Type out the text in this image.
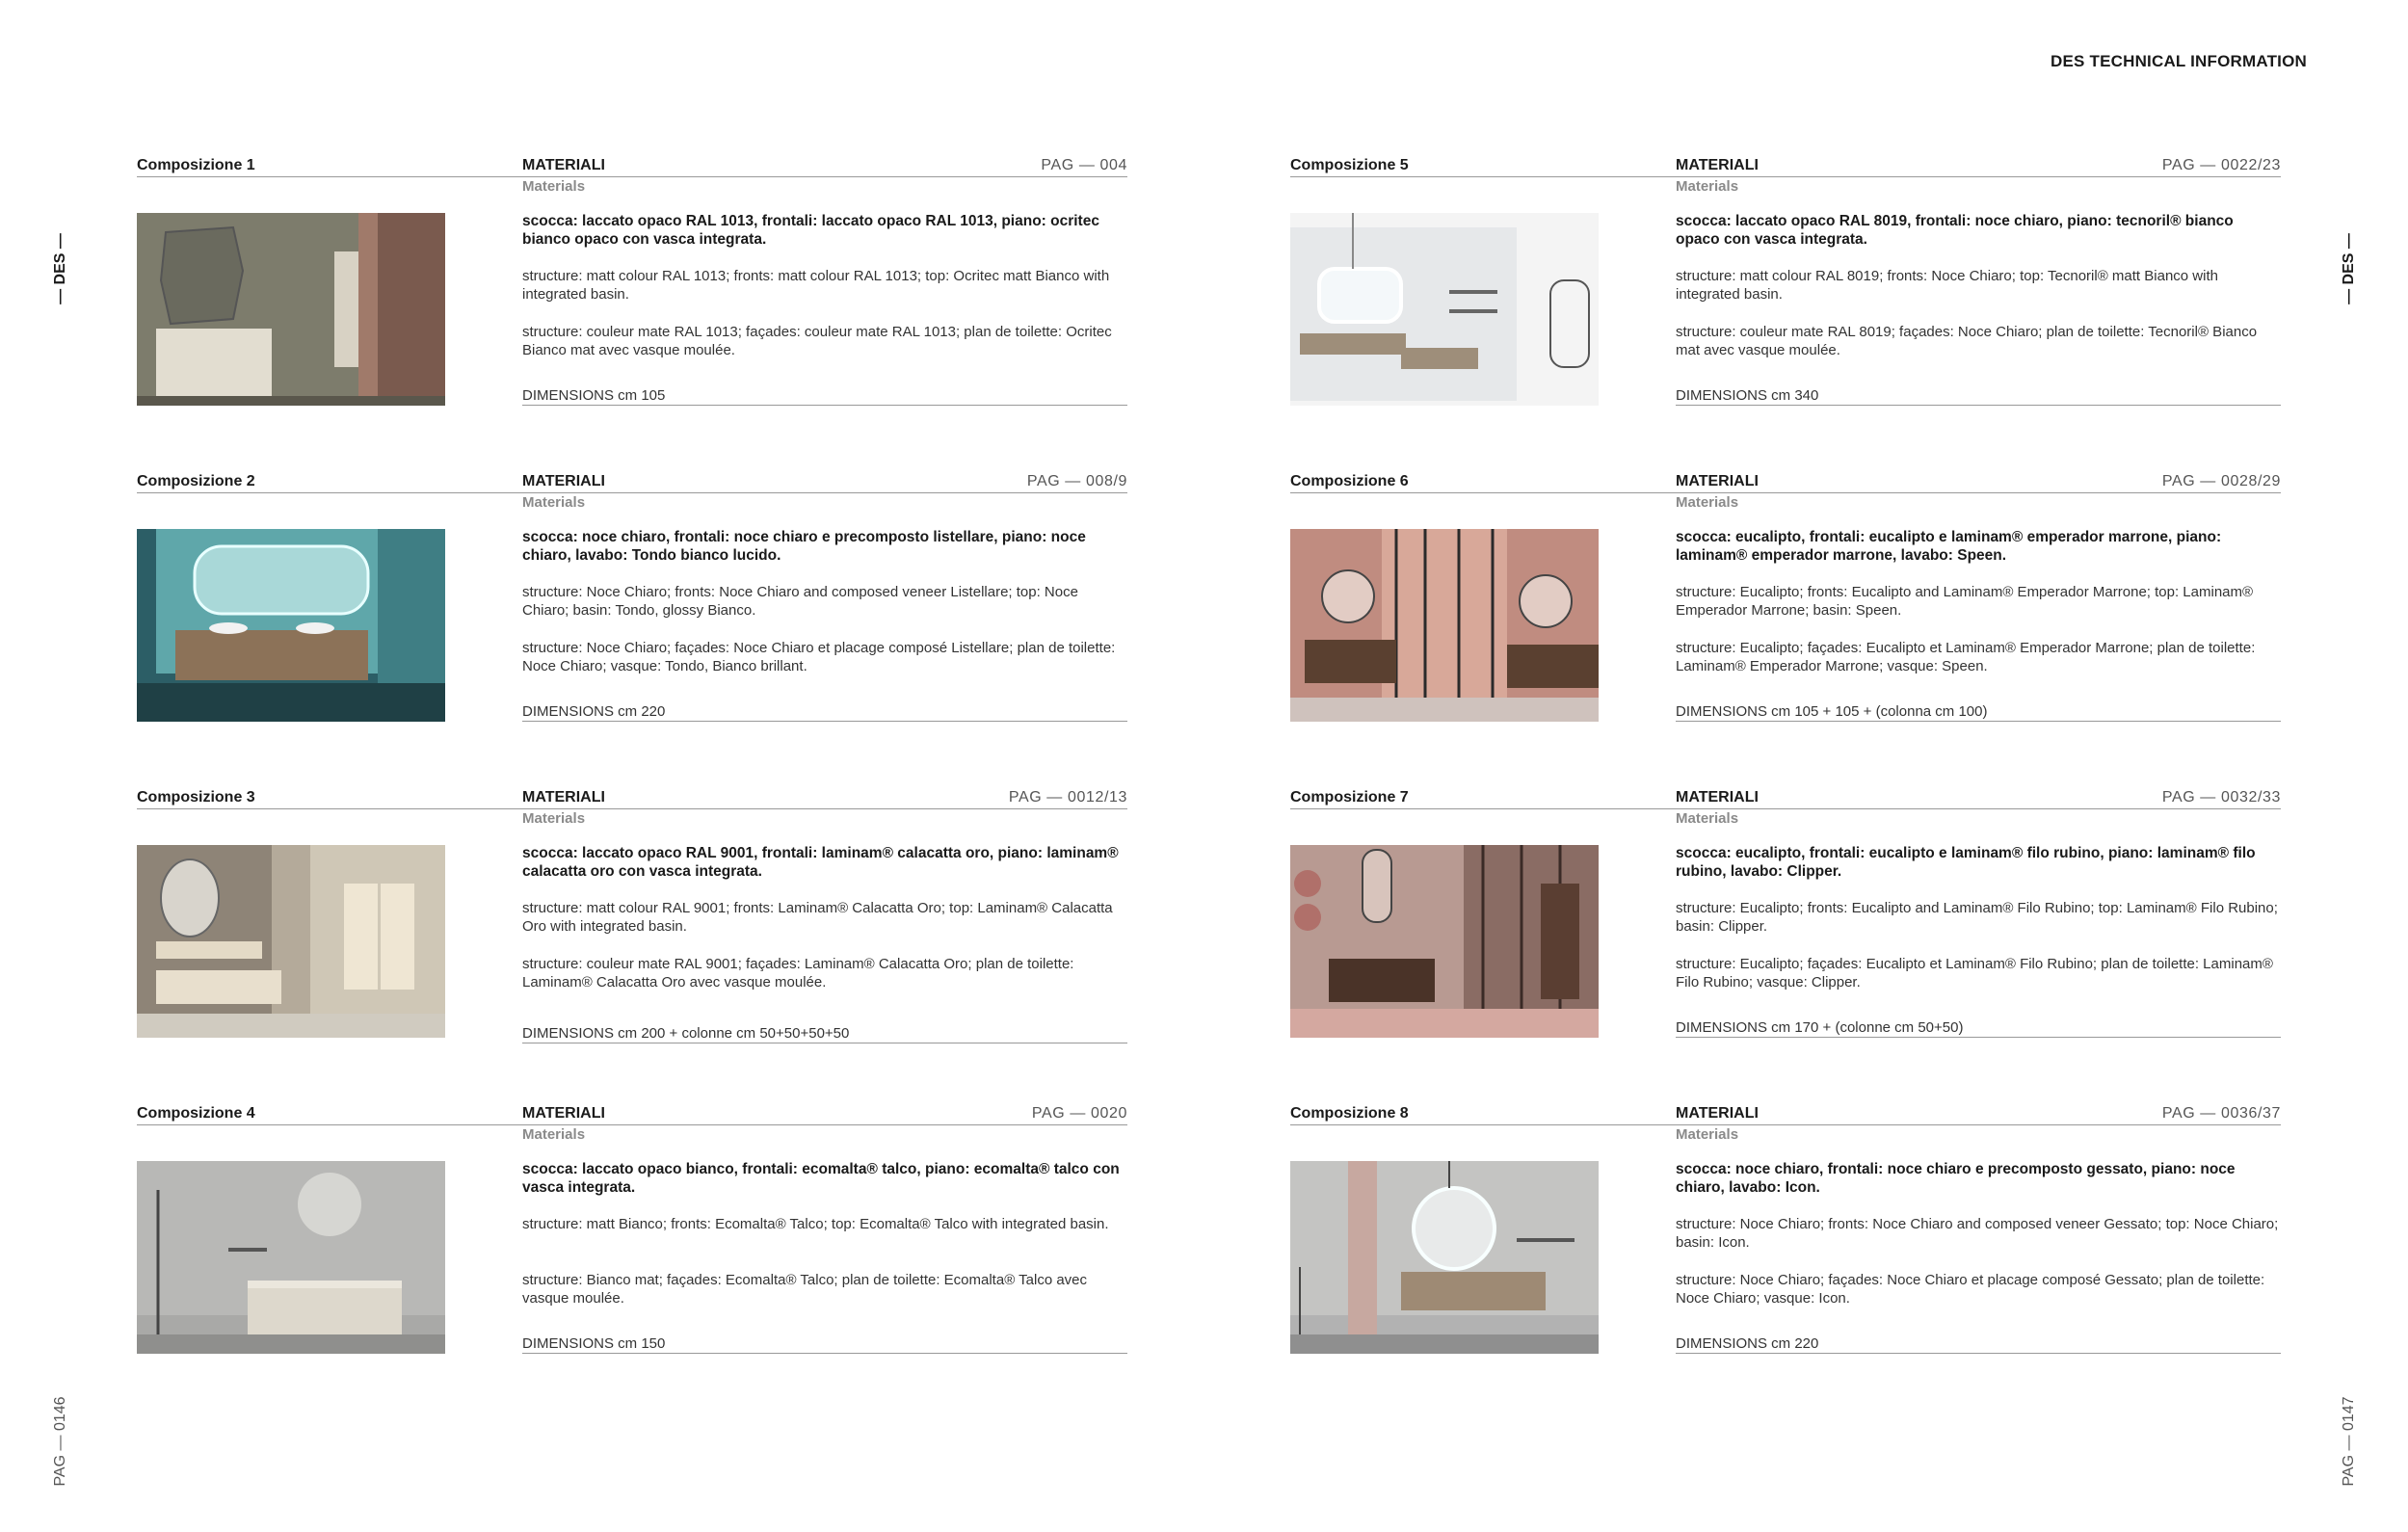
DES TECHNICAL INFORMATION
— DES —	— DES —
PAG — 0146	PAG — 0147
Composizione 1	MATERIALI	PAG — 004
Materials
scocca: laccato opaco RAL 1013, frontali: laccato opaco RAL 1013, piano: ocritec bianco opaco con vasca integrata.
structure: matt colour RAL 1013; fronts: matt colour RAL 1013; top: Ocritec matt Bianco with integrated basin.
structure: couleur mate RAL 1013; façades: couleur mate RAL 1013; plan de toilette: Ocritec Bianco mat avec vasque moulée.
DIMENSIONS cm 105
Composizione 2	MATERIALI	PAG — 008/9
Materials
scocca: noce chiaro, frontali: noce chiaro e precomposto listellare, piano: noce chiaro, lavabo: Tondo bianco lucido.
structure: Noce Chiaro; fronts: Noce Chiaro and composed veneer Listellare; top: Noce Chiaro; basin: Tondo, glossy Bianco.
structure: Noce Chiaro; façades: Noce Chiaro et placage composé Listellare; plan de toilette: Noce Chiaro; vasque: Tondo, Bianco brillant.
DIMENSIONS cm 220
Composizione 3	MATERIALI	PAG — 0012/13
Materials
scocca: laccato opaco RAL 9001, frontali: laminam® calacatta oro, piano: laminam® calacatta oro con vasca integrata.
structure: matt colour RAL 9001; fronts: Laminam® Calacatta Oro; top: Laminam® Calacatta Oro with integrated basin.
structure: couleur mate RAL 9001; façades: Laminam® Calacatta Oro; plan de toilette: Laminam® Calacatta Oro avec vasque moulée.
DIMENSIONS cm 200 + colonne cm 50+50+50+50
Composizione 4	MATERIALI	PAG — 0020
Materials
scocca: laccato opaco bianco, frontali: ecomalta® talco, piano: ecomalta® talco con vasca integrata.
structure: matt Bianco; fronts: Ecomalta® Talco; top: Ecomalta® Talco with integrated basin.
structure: Bianco mat; façades: Ecomalta® Talco; plan de toilette: Ecomalta® Talco avec vasque moulée.
DIMENSIONS cm 150
Composizione 5	MATERIALI	PAG — 0022/23
Materials
scocca: laccato opaco RAL 8019, frontali: noce chiaro, piano: tecnoril® bianco opaco con vasca integrata.
structure: matt colour RAL 8019; fronts: Noce Chiaro; top: Tecnoril® matt Bianco with integrated basin.
structure: couleur mate RAL 8019; façades: Noce Chiaro; plan de toilette: Tecnoril® Bianco mat avec vasque moulée.
DIMENSIONS cm 340
Composizione 6	MATERIALI	PAG — 0028/29
Materials
scocca: eucalipto, frontali: eucalipto e laminam® emperador marrone, piano: laminam® emperador marrone, lavabo: Speen.
structure: Eucalipto; fronts: Eucalipto and Laminam® Emperador Marrone; top: Laminam® Emperador Marrone; basin: Speen.
structure: Eucalipto; façades: Eucalipto et Laminam® Emperador Marrone; plan de toilette: Laminam® Emperador Marrone; vasque: Speen.
DIMENSIONS cm 105 + 105 + (colonna cm 100)
Composizione 7	MATERIALI	PAG — 0032/33
Materials
scocca: eucalipto, frontali: eucalipto e laminam® filo rubino, piano: laminam® filo rubino, lavabo: Clipper.
structure: Eucalipto; fronts: Eucalipto and Laminam® Filo Rubino; top: Laminam® Filo Rubino; basin: Clipper.
structure: Eucalipto; façades: Eucalipto et Laminam® Filo Rubino; plan de toilette: Laminam® Filo Rubino; vasque: Clipper.
DIMENSIONS cm 170 + (colonne cm 50+50)
Composizione 8	MATERIALI	PAG — 0036/37
Materials
scocca: noce chiaro, frontali: noce chiaro e precomposto gessato, piano: noce chiaro, lavabo: Icon.
structure: Noce Chiaro; fronts: Noce Chiaro and composed veneer Gessato; top: Noce Chiaro; basin: Icon.
structure: Noce Chiaro; façades: Noce Chiaro et placage composé Gessato; plan de toilette: Noce Chiaro; vasque: Icon.
DIMENSIONS cm 220
